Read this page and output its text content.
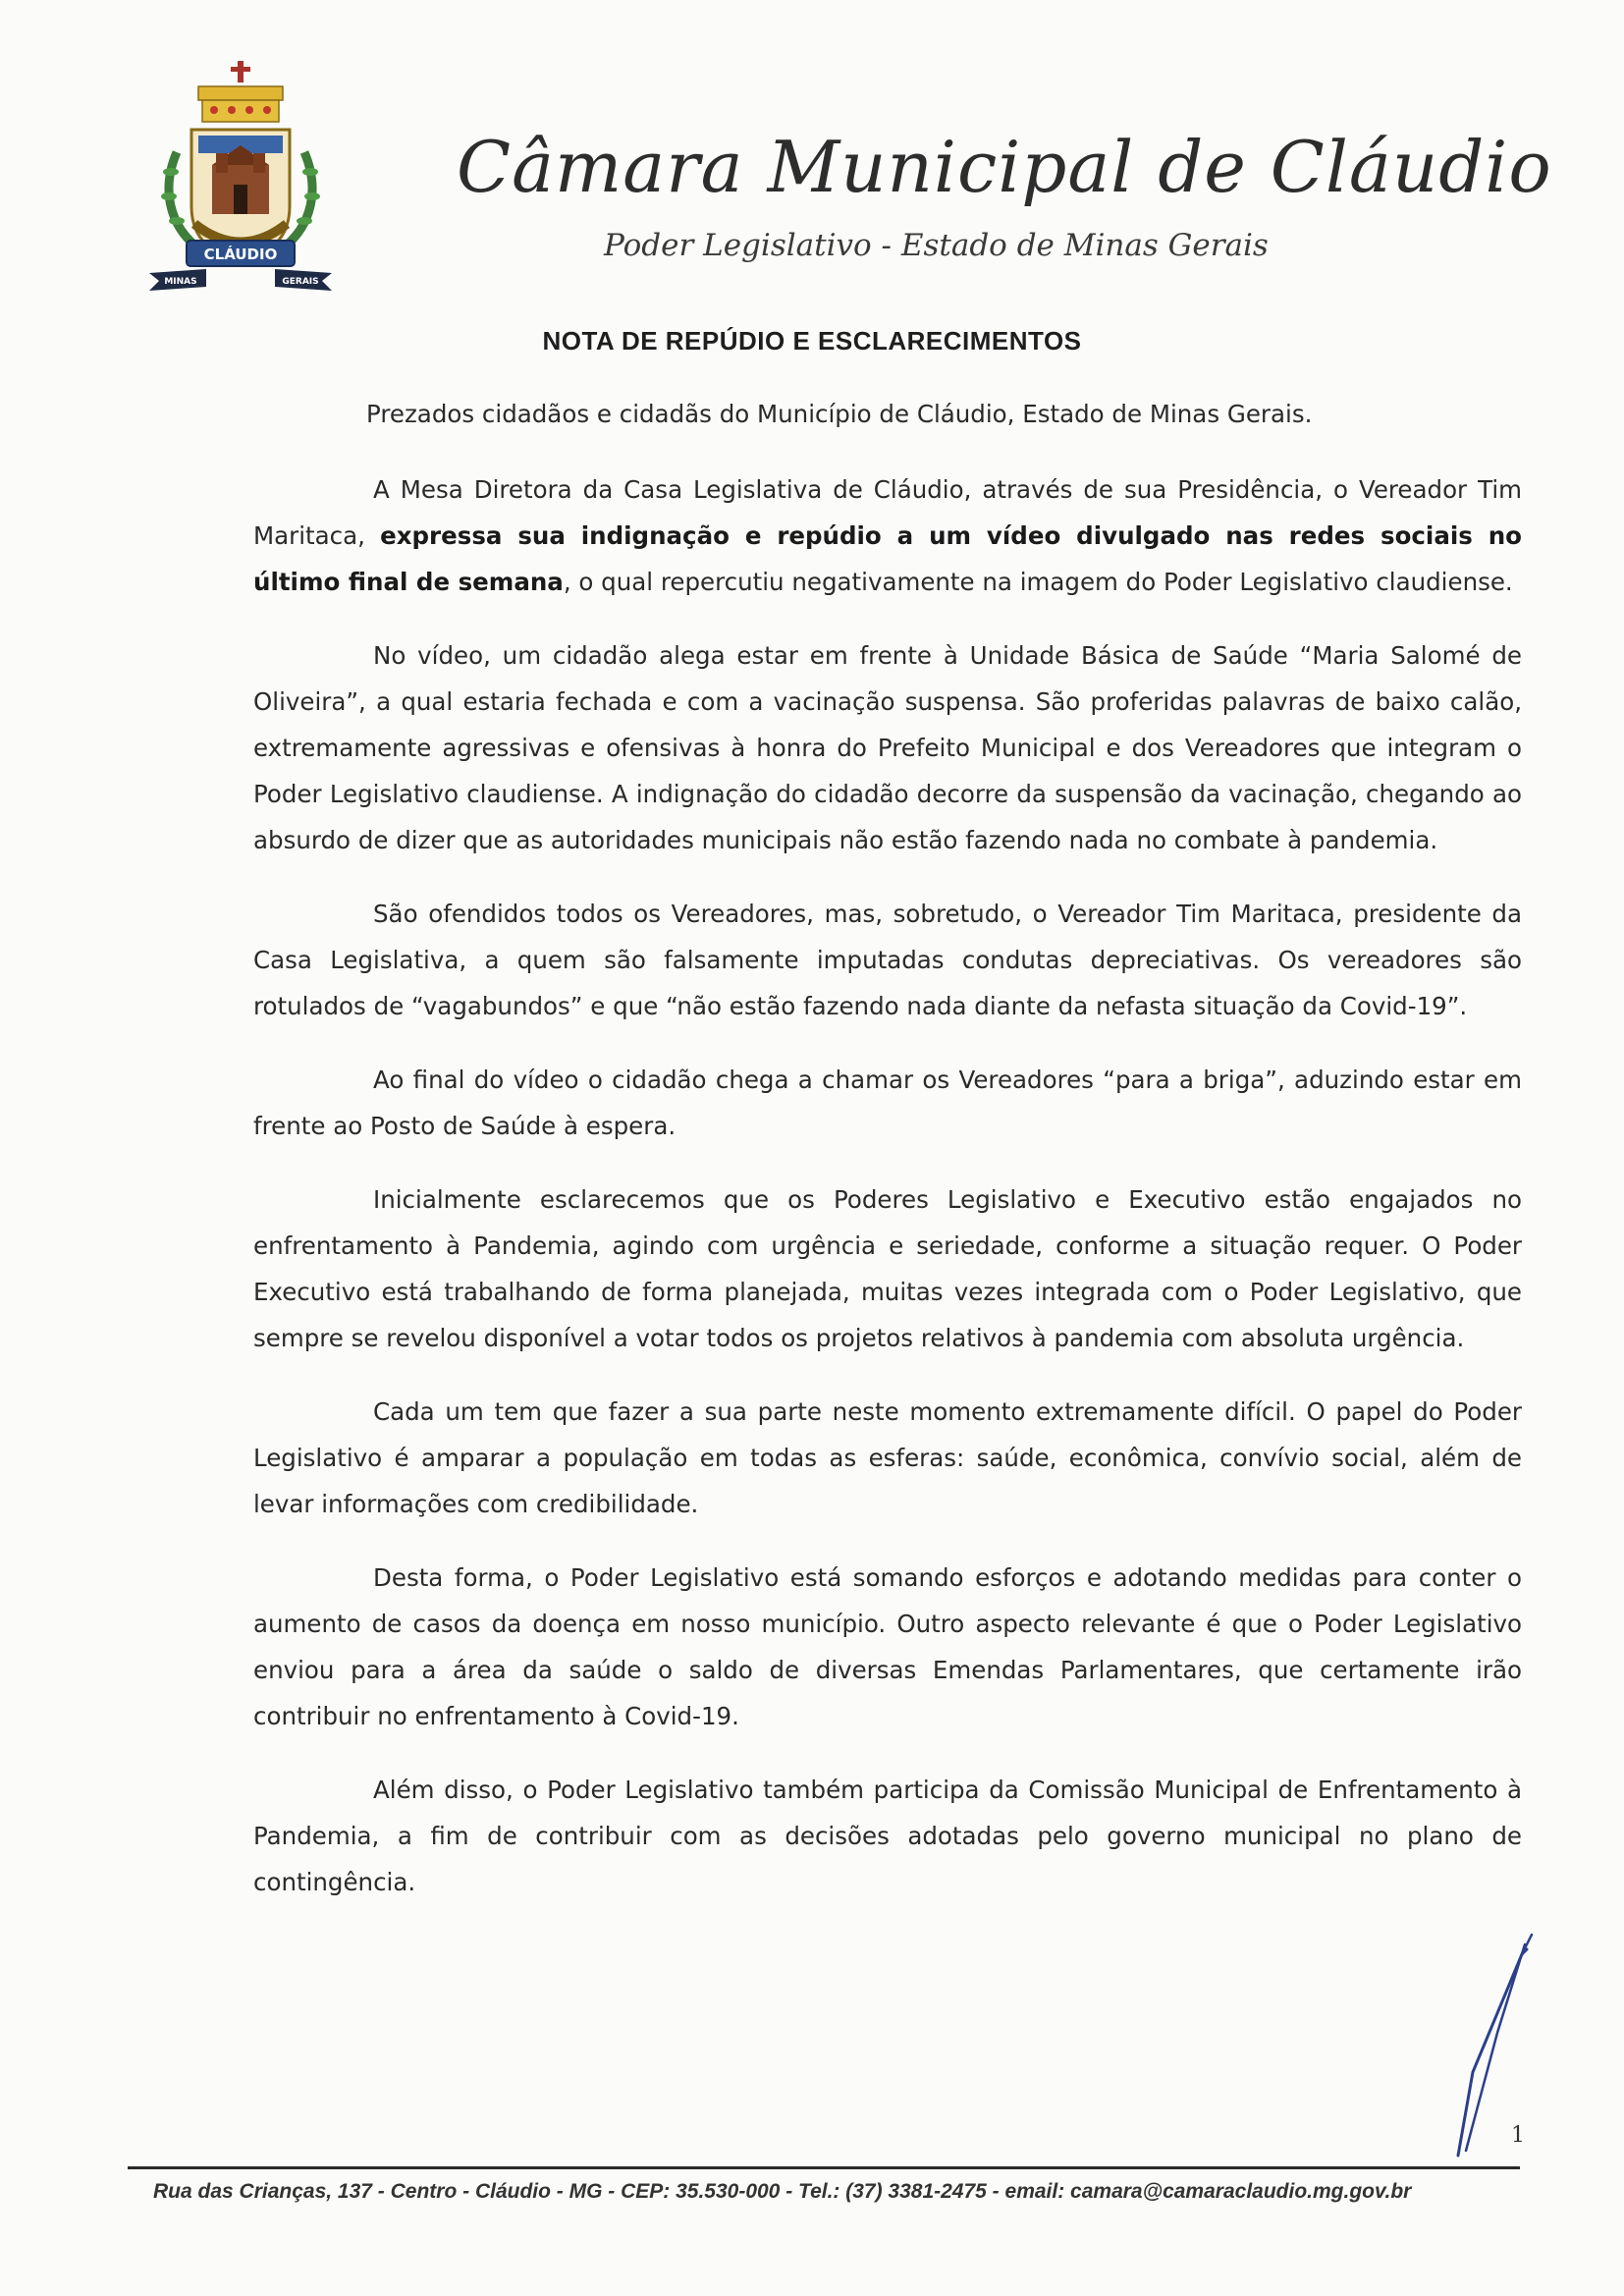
CLÁUDIO
MINAS	GERAIS
Câmara Municipal de Cláudio
Poder Legislativo - Estado de Minas Gerais
NOTA DE REPÚDIO E ESCLARECIMENTOS

Prezados cidadãos e cidadãs do Município de Cláudio, Estado de Minas Gerais.

A Mesa Diretora da Casa Legislativa de Cláudio, através de sua Presidência, o Vereador Tim Maritaca, expressa sua indignação e repúdio a um vídeo divulgado nas redes sociais no último final de semana, o qual repercutiu negativamente na imagem do Poder Legislativo claudiense.

No vídeo, um cidadão alega estar em frente à Unidade Básica de Saúde “Maria Salomé de Oliveira”, a qual estaria fechada e com a vacinação suspensa. São proferidas palavras de baixo calão, extremamente agressivas e ofensivas à honra do Prefeito Municipal e dos Vereadores que integram o Poder Legislativo claudiense. A indignação do cidadão decorre da suspensão da vacinação, chegando ao absurdo de dizer que as autoridades municipais não estão fazendo nada no combate à pandemia.

São ofendidos todos os Vereadores, mas, sobretudo, o Vereador Tim Maritaca, presidente da Casa Legislativa, a quem são falsamente imputadas condutas depreciativas. Os vereadores são rotulados de “vagabundos” e que “não estão fazendo nada diante da nefasta situação da Covid-19”.

Ao final do vídeo o cidadão chega a chamar os Vereadores “para a briga”, aduzindo estar em frente ao Posto de Saúde à espera.

Inicialmente esclarecemos que os Poderes Legislativo e Executivo estão engajados no enfrentamento à Pandemia, agindo com urgência e seriedade, conforme a situação requer. O Poder Executivo está trabalhando de forma planejada, muitas vezes integrada com o Poder Legislativo, que sempre se revelou disponível a votar todos os projetos relativos à pandemia com absoluta urgência.

Cada um tem que fazer a sua parte neste momento extremamente difícil. O papel do Poder Legislativo é amparar a população em todas as esferas: saúde, econômica, convívio social, além de levar informações com credibilidade.

Desta forma, o Poder Legislativo está somando esforços e adotando medidas para conter o aumento de casos da doença em nosso município. Outro aspecto relevante é que o Poder Legislativo enviou para a área da saúde o saldo de diversas Emendas Parlamentares, que certamente irão contribuir no enfrentamento à Covid-19.

Além disso, o Poder Legislativo também participa da Comissão Municipal de Enfrentamento à Pandemia, a fim de contribuir com as decisões adotadas pelo governo municipal no plano de contingência.

1
Rua das Crianças, 137 - Centro - Cláudio - MG - CEP: 35.530-000 - Tel.: (37) 3381-2475 - email: camara@camaraclaudio.mg.gov.br
